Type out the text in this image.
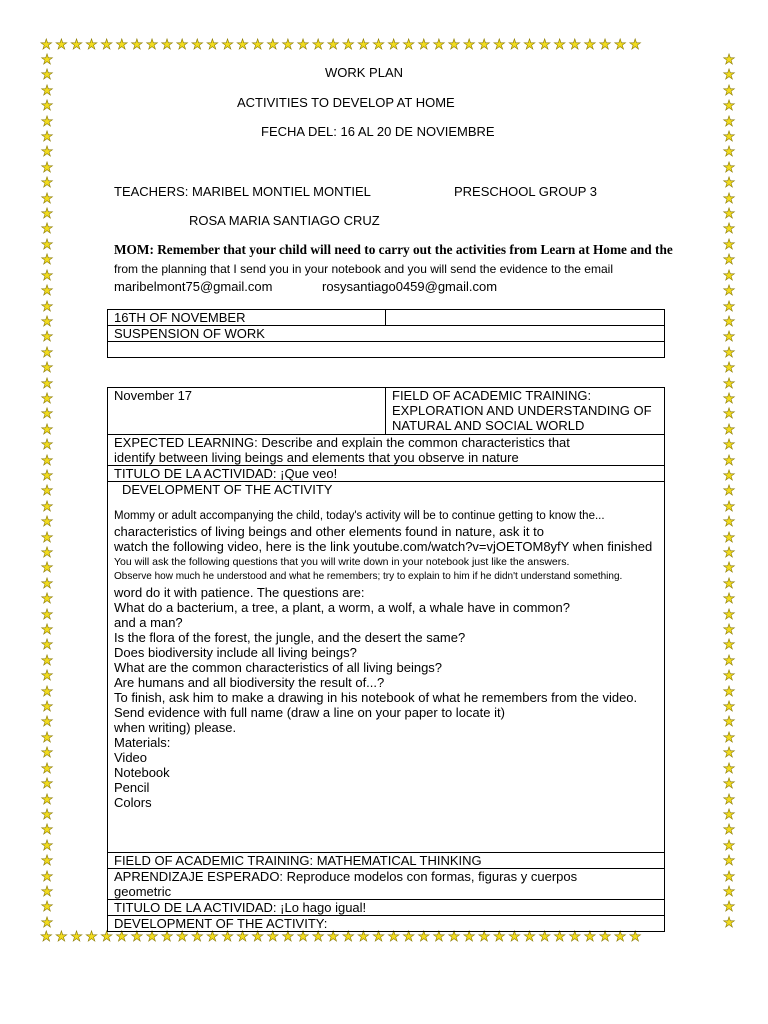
★★★★★★★★★★★★★★★★★★★★★★★★★★★★★★★★★★★★★★★★
★★★★★★★★★★★★★★★★★★★★★★★★★★★★★★★★★★★★★★★★
★★★★★★★★★★★★★★★★★★★★★★★★★★★★★★★★★★★★★★★★★★★★★★★★★★★★★★★★★
★★★★★★★★★★★★★★★★★★★★★★★★★★★★★★★★★★★★★★★★★★★★★★★★★★★★★★★★★
WORK PLAN
ACTIVITIES TO DEVELOP AT HOME
FECHA DEL: 16 AL 20 DE NOVIEMBRE
TEACHERS: MARIBEL MONTIEL MONTIEL	PRESCHOOL GROUP 3
ROSA MARIA SANTIAGO CRUZ
MOM: Remember that your child will need to carry out the activities from Learn at Home and the
from the planning that I send you in your notebook and you will send the evidence to the email
maribelmont75@gmail.com	rosysantiago0459@gmail.com
16TH OF NOVEMBER	
SUSPENSION OF WORK

November 17	FIELD OF ACADEMIC TRAINING:
EXPLORATION AND UNDERSTANDING OF
NATURAL AND SOCIAL WORLD

EXPECTED LEARNING: Describe and explain the common characteristics that
identify between living beings and elements that you observe in nature

TITULO DE LA ACTIVIDAD: ¡Que veo!

DEVELOPMENT OF THE ACTIVITY

Mommy or adult accompanying the child, today's activity will be to continue getting to know the...

characteristics of living beings and other elements found in nature, ask it to

watch the following video, here is the link youtube.com/watch?v=vjOETOM8yfY when finished

You will ask the following questions that you will write down in your notebook just like the answers.

Observe how much he understood and what he remembers; try to explain to him if he didn't understand something.

word do it with patience. The questions are:

What do a bacterium, a tree, a plant, a worm, a wolf, a whale have in common?

and a man?

Is the flora of the forest, the jungle, and the desert the same?

Does biodiversity include all living beings?

What are the common characteristics of all living beings?

Are humans and all biodiversity the result of...?

To finish, ask him to make a drawing in his notebook of what he remembers from the video.

Send evidence with full name (draw a line on your paper to locate it)

when writing) please.

Materials:

Video

Notebook

Pencil

Colors

FIELD OF ACADEMIC TRAINING: MATHEMATICAL THINKING

APRENDIZAJE ESPERADO: Reproduce modelos con formas, figuras y cuerpos
geometric

TITULO DE LA ACTIVIDAD: ¡Lo hago igual!
DEVELOPMENT OF THE ACTIVITY:
